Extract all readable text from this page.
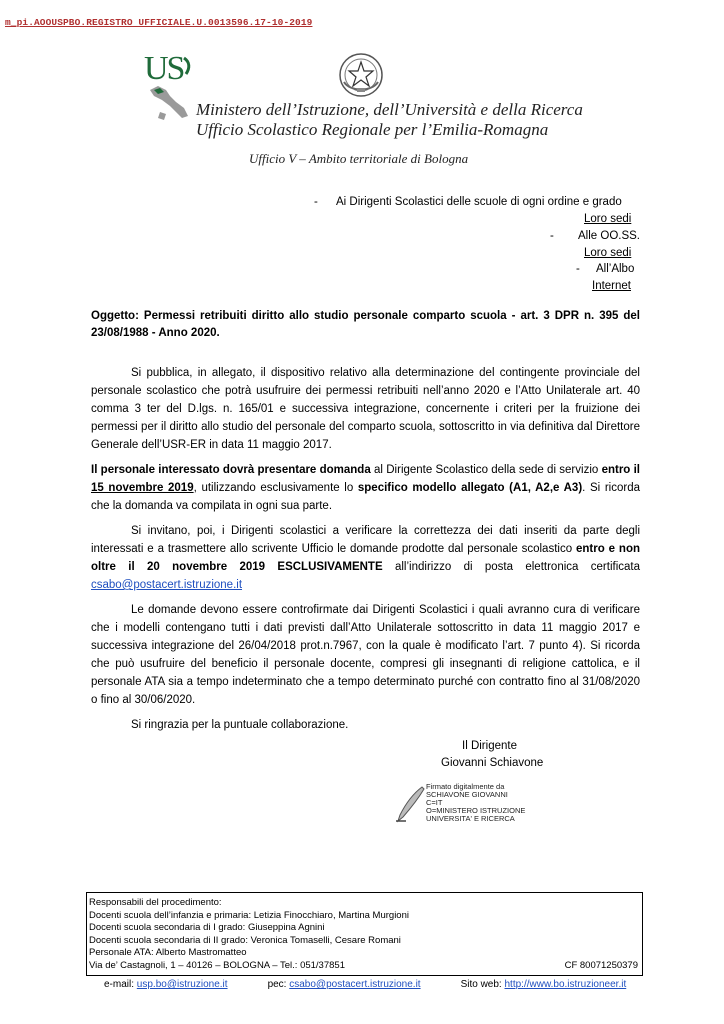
m_pi.AOOUSPBO.REGISTRO UFFICIALE.U.0013596.17-10-2019
US
Ministero dell’Istruzione, dell’Università e della Ricerca
Ufficio Scolastico Regionale per l’Emilia-Romagna
Ufficio V – Ambito territoriale di Bologna
- Ai Dirigenti Scolastici delle scuole di ogni ordine e grado
Loro sedi
- Alle OO.SS.
Loro sedi
- All’Albo
Internet
Oggetto: Permessi retribuiti diritto allo studio personale comparto scuola - art. 3 DPR n. 395 del 23/08/1988 - Anno 2020.

Si pubblica, in allegato, il dispositivo relativo alla determinazione del contingente provinciale del personale scolastico che potrà usufruire dei permessi retribuiti nell’anno 2020 e l’Atto Unilaterale art. 40 comma 3 ter del D.lgs. n. 165/01 e successiva integrazione, concernente i criteri per la fruizione dei permessi per il diritto allo studio del personale del comparto scuola, sottoscritto in via definitiva dal Direttore Generale dell’USR-ER in data 11 maggio 2017.

Il personale interessato dovrà presentare domanda al Dirigente Scolastico della sede di servizio entro il 15 novembre 2019, utilizzando esclusivamente lo specifico modello allegato (A1, A2,e A3). Si ricorda che la domanda va compilata in ogni sua parte.

Si invitano, poi, i Dirigenti scolastici a verificare la correttezza dei dati inseriti da parte degli interessati e a trasmettere allo scrivente Ufficio le domande prodotte dal personale scolastico entro e non oltre il 20 novembre 2019 ESCLUSIVAMENTE all’indirizzo di posta elettronica certificata csabo@postacert.istruzione.it

Le domande devono essere controfirmate dai Dirigenti Scolastici i quali avranno cura di verificare che i modelli contengano tutti i dati previsti dall’Atto Unilaterale sottoscritto in data 11 maggio 2017 e successiva integrazione del 26/04/2018 prot.n.7967, con la quale è modificato l’art. 7 punto 4). Si ricorda che può usufruire del beneficio il personale docente, compresi gli insegnanti di religione cattolica, e il personale ATA sia a tempo indeterminato che a tempo determinato purché con contratto fino al 31/08/2020 o fino al 30/06/2020.

Si ringrazia per la puntuale collaborazione.

Il Dirigente
Giovanni Schiavone
Firmato digitalmente da
SCHIAVONE GIOVANNI
C=IT
O=MINISTERO ISTRUZIONE
UNIVERSITA' E RICERCA
Responsabili del procedimento:
Docenti scuola dell’infanzia e primaria: Letizia Finocchiaro, Martina Murgioni
Docenti scuola secondaria di I grado: Giuseppina Agnini
Docenti scuola secondaria di II grado: Veronica Tomaselli, Cesare Romani
Personale ATA: Alberto Mastromatteo
Via de’ Castagnoli, 1 – 40126 – BOLOGNA – Tel.: 051/37851	CF 80071250379
e-mail: usp.bo@istruzione.it	pec: csabo@postacert.istruzione.it	Sito web: http://www.bo.istruzioneer.it
